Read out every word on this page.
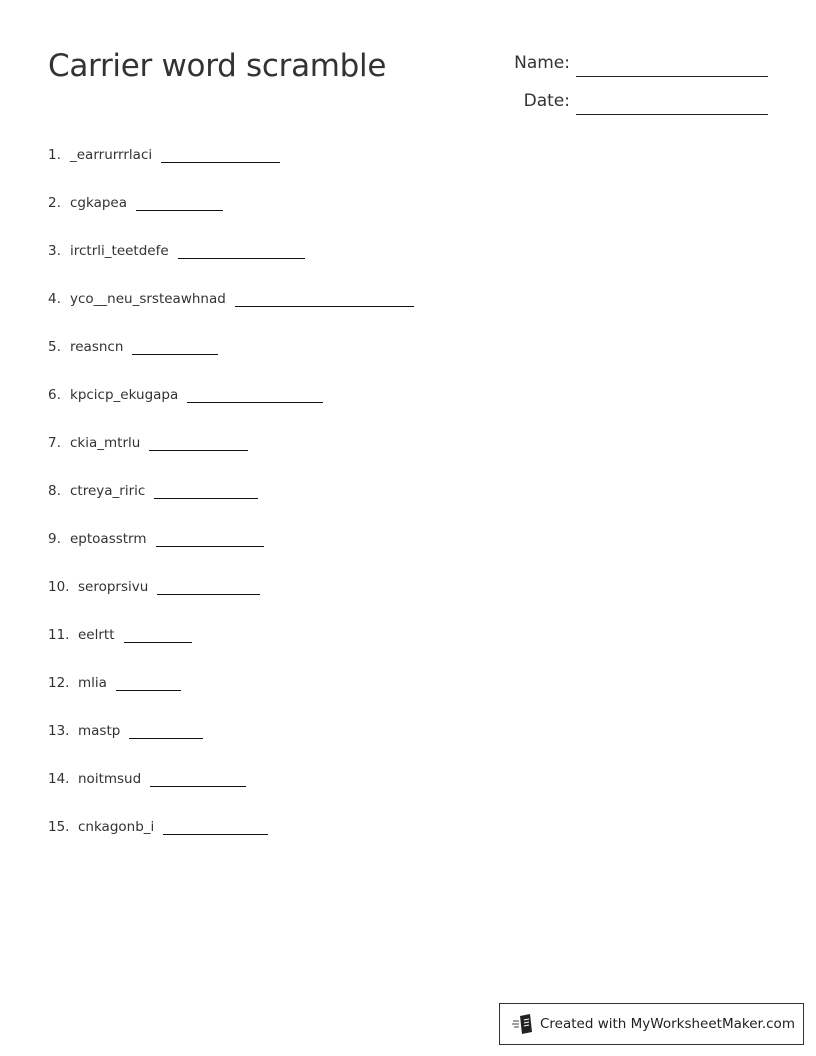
Carrier word scramble	Name:
Date:
1. _earrurrrlaci
2. cgkapea
3. irctrli_teetdefe
4. yco__neu_srsteawhnad
5. reasncn
6. kpcicp_ekugapa
7. ckia_mtrlu
8. ctreya_riric
9. eptoasstrm
10. seroprsivu
11. eelrtt
12. mlia
13. mastp
14. noitmsud
15. cnkagonb_i
Created with MyWorksheetMaker.com
